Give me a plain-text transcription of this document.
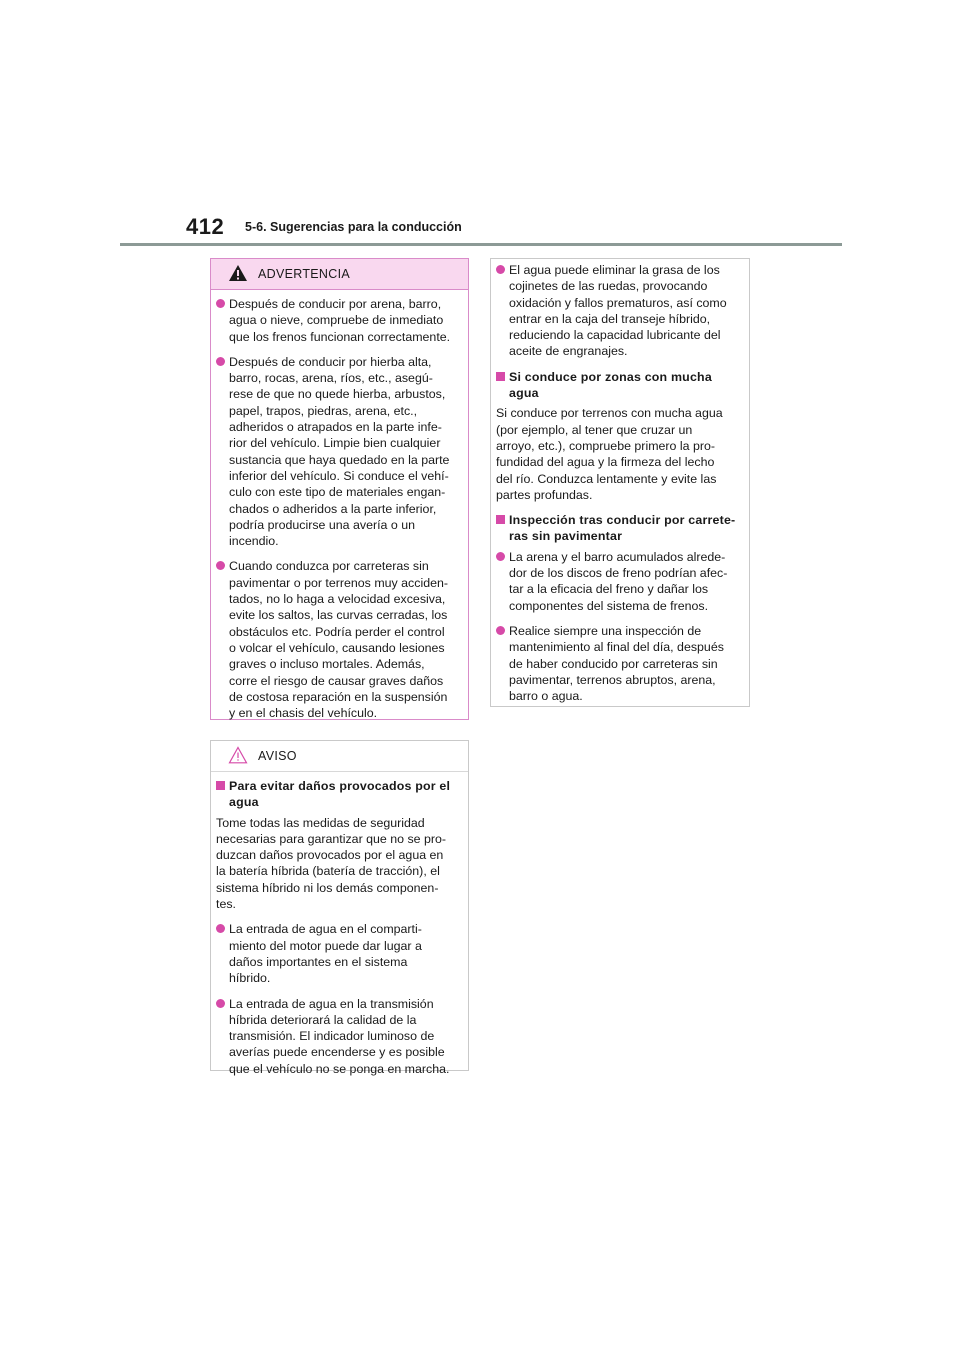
412 5-6. Sugerencias para la conducción
ADVERTENCIA
Después de conducir por arena, barro,
agua o nieve, compruebe de inmediato
que los frenos funcionan correctamente.
Después de conducir por hierba alta,
barro, rocas, arena, ríos, etc., asegú-
rese de que no quede hierba, arbustos,
papel, trapos, piedras, arena, etc.,
adheridos o atrapados en la parte infe-
rior del vehículo. Limpie bien cualquier
sustancia que haya quedado en la parte
inferior del vehículo. Si conduce el vehí-
culo con este tipo de materiales engan-
chados o adheridos a la parte inferior,
podría producirse una avería o un
incendio.
Cuando conduzca por carreteras sin
pavimentar o por terrenos muy acciden-
tados, no lo haga a velocidad excesiva,
evite los saltos, las curvas cerradas, los
obstáculos etc. Podría perder el control
o volcar el vehículo, causando lesiones
graves o incluso mortales. Además,
corre el riesgo de causar graves daños
de costosa reparación en la suspensión
y en el chasis del vehículo.
AVISO
Para evitar daños provocados por el
agua
Tome todas las medidas de seguridad
necesarias para garantizar que no se pro-
duzcan daños provocados por el agua en
la batería híbrida (batería de tracción), el
sistema híbrido ni los demás componen-
tes.
La entrada de agua en el comparti-
miento del motor puede dar lugar a
daños importantes en el sistema
híbrido.
La entrada de agua en la transmisión
híbrida deteriorará la calidad de la
transmisión. El indicador luminoso de
averías puede encenderse y es posible
que el vehículo no se ponga en marcha.
El agua puede eliminar la grasa de los
cojinetes de las ruedas, provocando
oxidación y fallos prematuros, así como
entrar en la caja del transeje híbrido,
reduciendo la capacidad lubricante del
aceite de engranajes.
Si conduce por zonas con mucha
agua
Si conduce por terrenos con mucha agua
(por ejemplo, al tener que cruzar un
arroyo, etc.), compruebe primero la pro-
fundidad del agua y la firmeza del lecho
del río. Conduzca lentamente y evite las
partes profundas.
Inspección tras conducir por carrete-
ras sin pavimentar
La arena y el barro acumulados alrede-
dor de los discos de freno podrían afec-
tar a la eficacia del freno y dañar los
componentes del sistema de frenos.
Realice siempre una inspección de
mantenimiento al final del día, después
de haber conducido por carreteras sin
pavimentar, terrenos abruptos, arena,
barro o agua.
